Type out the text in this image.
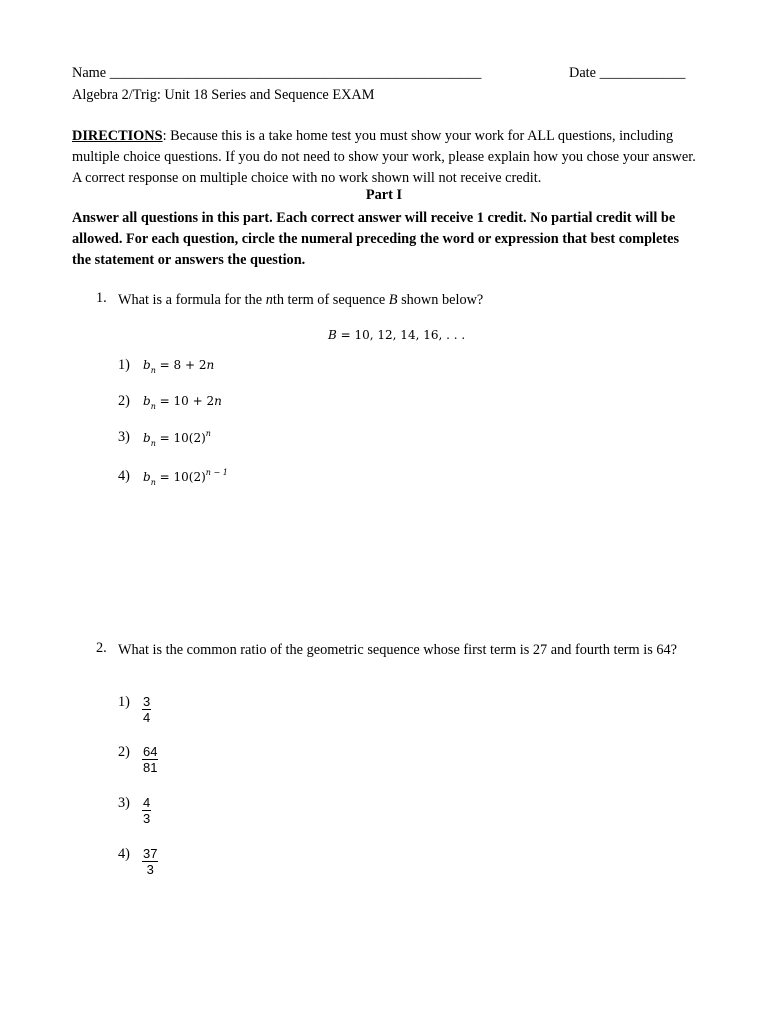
Name ____________________________________________________	Date ____________
Algebra 2/Trig: Unit 18 Series and Sequence EXAM
DIRECTIONS: Because this is a take home test you must show your work for ALL questions, including multiple choice questions. If you do not need to show your work, please explain how you chose your answer. A correct response on multiple choice with no work shown will not receive credit.
Part I
Answer all questions in this part. Each correct answer will receive 1 credit. No partial credit will be allowed. For each question, circle the numeral preceding the word or expression that best completes the statement or answers the question.
1. What is a formula for the nth term of sequence B shown below?
B = 10, 12, 14, 16, . . .
1) $b_n = 8 + 2n$
2) $b_n = 10 + 2n$
3) $b_n = 10(2)^n$
4) $b_n = 10(2)^{n - 1}$
2. What is the common ratio of the geometric sequence whose first term is 27 and fourth term is 64?
$1) \frac{3}{4}$
$2) \frac{64}{81}$
$3) \frac{4}{3}$
$4) \frac{37}{3}$
